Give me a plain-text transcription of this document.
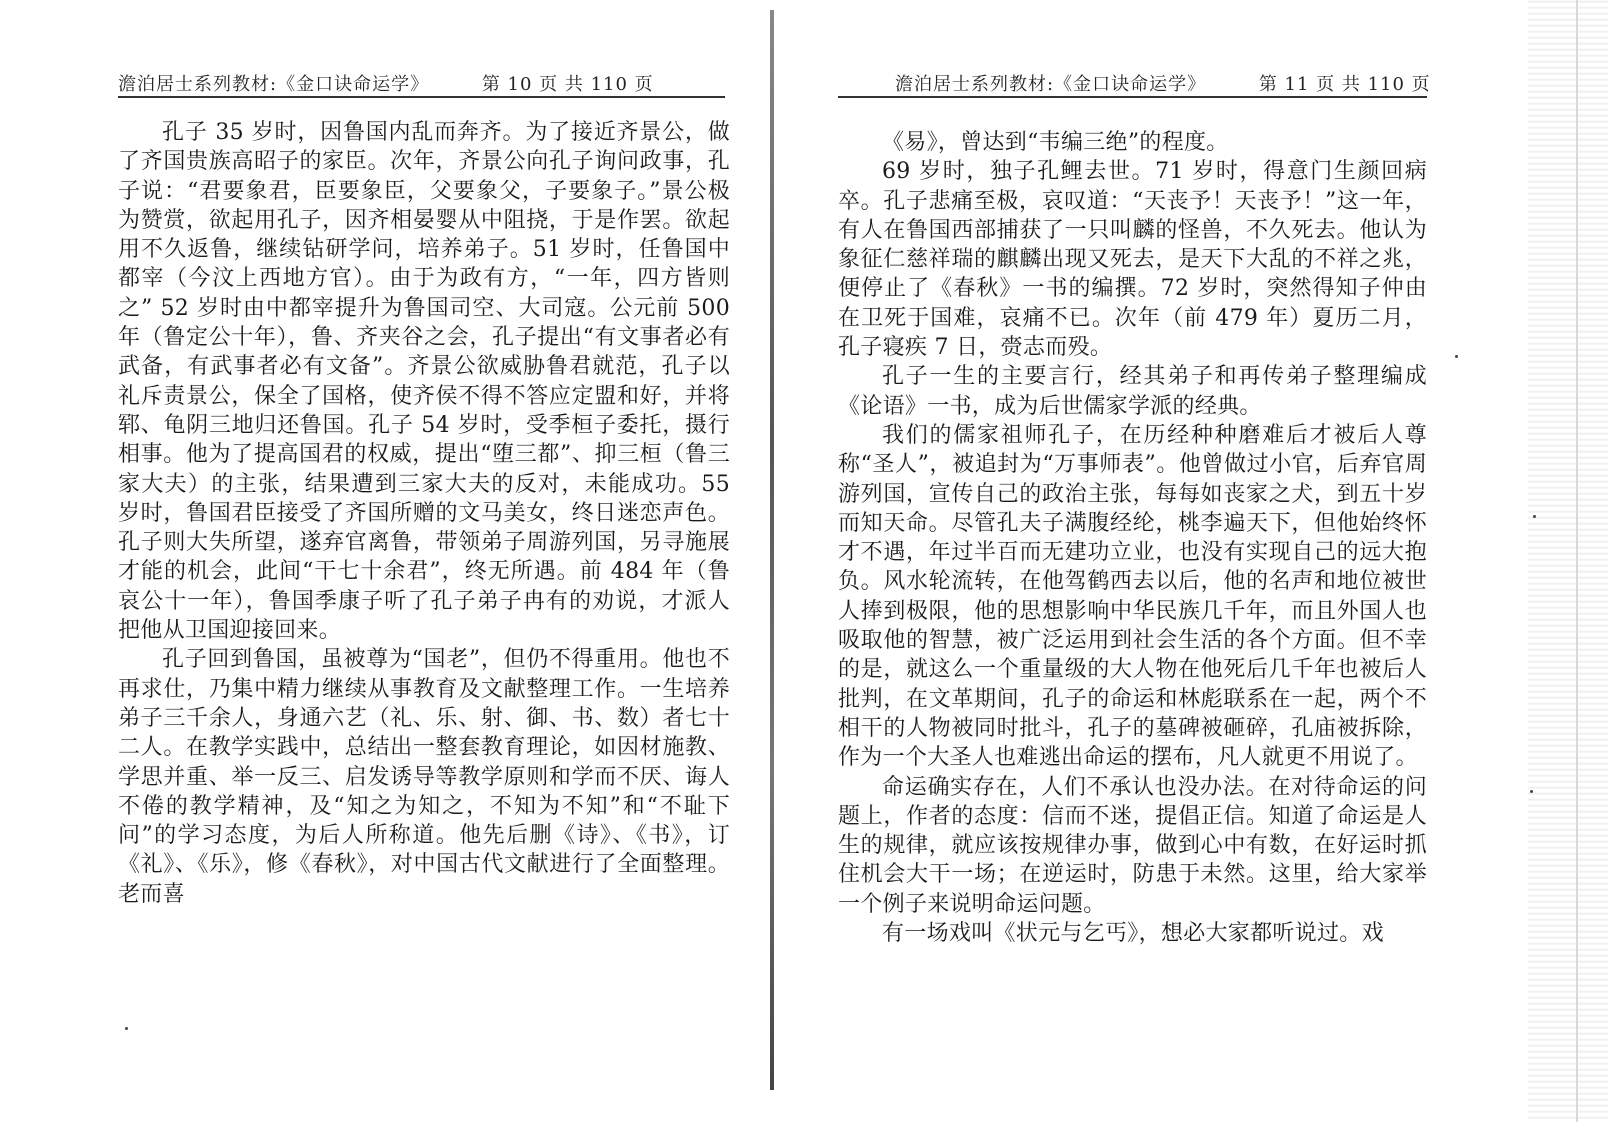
澹泊居士系列教材:《金口诀命运学》	第 10 页 共 110 页

孔子 35 岁时，因鲁国内乱而奔齐。为了接近齐景公，做了齐国贵族高昭子的家臣。次年，齐景公向孔子询问政事，孔子说：“君要象君，臣要象臣，父要象父，子要象子。”景公极为赞赏，欲起用孔子，因齐相晏婴从中阻挠，于是作罢。欲起用不久返鲁，继续钻研学问，培养弟子。51 岁时，任鲁国中都宰（今汶上西地方官）。由于为政有方，“一年，四方皆则之” 52 岁时由中都宰提升为鲁国司空、大司寇。公元前 500 年（鲁定公十年），鲁、齐夹谷之会，孔子提出“有文事者必有武备，有武事者必有文备”。齐景公欲威胁鲁君就范，孔子以礼斥责景公，保全了国格，使齐侯不得不答应定盟和好，并将郓、龟阴三地归还鲁国。孔子 54 岁时，受季桓子委托，摄行相事。他为了提高国君的权威，提出“堕三都”、抑三桓（鲁三家大夫）的主张，结果遭到三家大夫的反对，未能成功。55 岁时，鲁国君臣接受了齐国所赠的文马美女，终日迷恋声色。孔子则大失所望，遂弃官离鲁，带领弟子周游列国，另寻施展才能的机会，此间“干七十余君”，终无所遇。前 484 年（鲁哀公十一年），鲁国季康子听了孔子弟子冉有的劝说，才派人把他从卫国迎接回来。

孔子回到鲁国，虽被尊为“国老”，但仍不得重用。他也不再求仕，乃集中精力继续从事教育及文献整理工作。一生培养弟子三千余人，身通六艺（礼、乐、射、御、书、数）者七十二人。在教学实践中，总结出一整套教育理论，如因材施教、学思并重、举一反三、启发诱导等教学原则和学而不厌、诲人不倦的教学精神，及“知之为知之，不知为不知”和“不耻下问”的学习态度，为后人所称道。他先后删《诗》、《书》，订《礼》、《乐》，修《春秋》，对中国古代文献进行了全面整理。老而喜

澹泊居士系列教材:《金口诀命运学》	第 11 页 共 110 页

《易》，曾达到“韦编三绝”的程度。

69 岁时，独子孔鲤去世。71 岁时，得意门生颜回病卒。孔子悲痛至极，哀叹道：“天丧予！天丧予！”这一年，有人在鲁国西部捕获了一只叫麟的怪兽，不久死去。他认为象征仁慈祥瑞的麒麟出现又死去，是天下大乱的不祥之兆，便停止了《春秋》一书的编撰。72 岁时，突然得知子仲由在卫死于国难，哀痛不已。次年（前 479 年）夏历二月，孔子寝疾 7 日，赍志而殁。

孔子一生的主要言行，经其弟子和再传弟子整理编成《论语》一书，成为后世儒家学派的经典。

我们的儒家祖师孔子，在历经种种磨难后才被后人尊称“圣人”，被追封为“万事师表”。他曾做过小官，后弃官周游列国，宣传自己的政治主张，每每如丧家之犬，到五十岁而知天命。尽管孔夫子满腹经纶，桃李遍天下，但他始终怀才不遇，年过半百而无建功立业，也没有实现自己的远大抱负。风水轮流转，在他驾鹤西去以后，他的名声和地位被世人捧到极限，他的思想影响中华民族几千年，而且外国人也吸取他的智慧，被广泛运用到社会生活的各个方面。但不幸的是，就这么一个重量级的大人物在他死后几千年也被后人批判，在文革期间，孔子的命运和林彪联系在一起，两个不相干的人物被同时批斗，孔子的墓碑被砸碎，孔庙被拆除，作为一个大圣人也难逃出命运的摆布，凡人就更不用说了。

命运确实存在，人们不承认也没办法。在对待命运的问题上，作者的态度：信而不迷，提倡正信。知道了命运是人生的规律，就应该按规律办事，做到心中有数，在好运时抓住机会大干一场；在逆运时，防患于未然。这里，给大家举一个例子来说明命运问题。

有一场戏叫《状元与乞丐》，想必大家都听说过。戏
